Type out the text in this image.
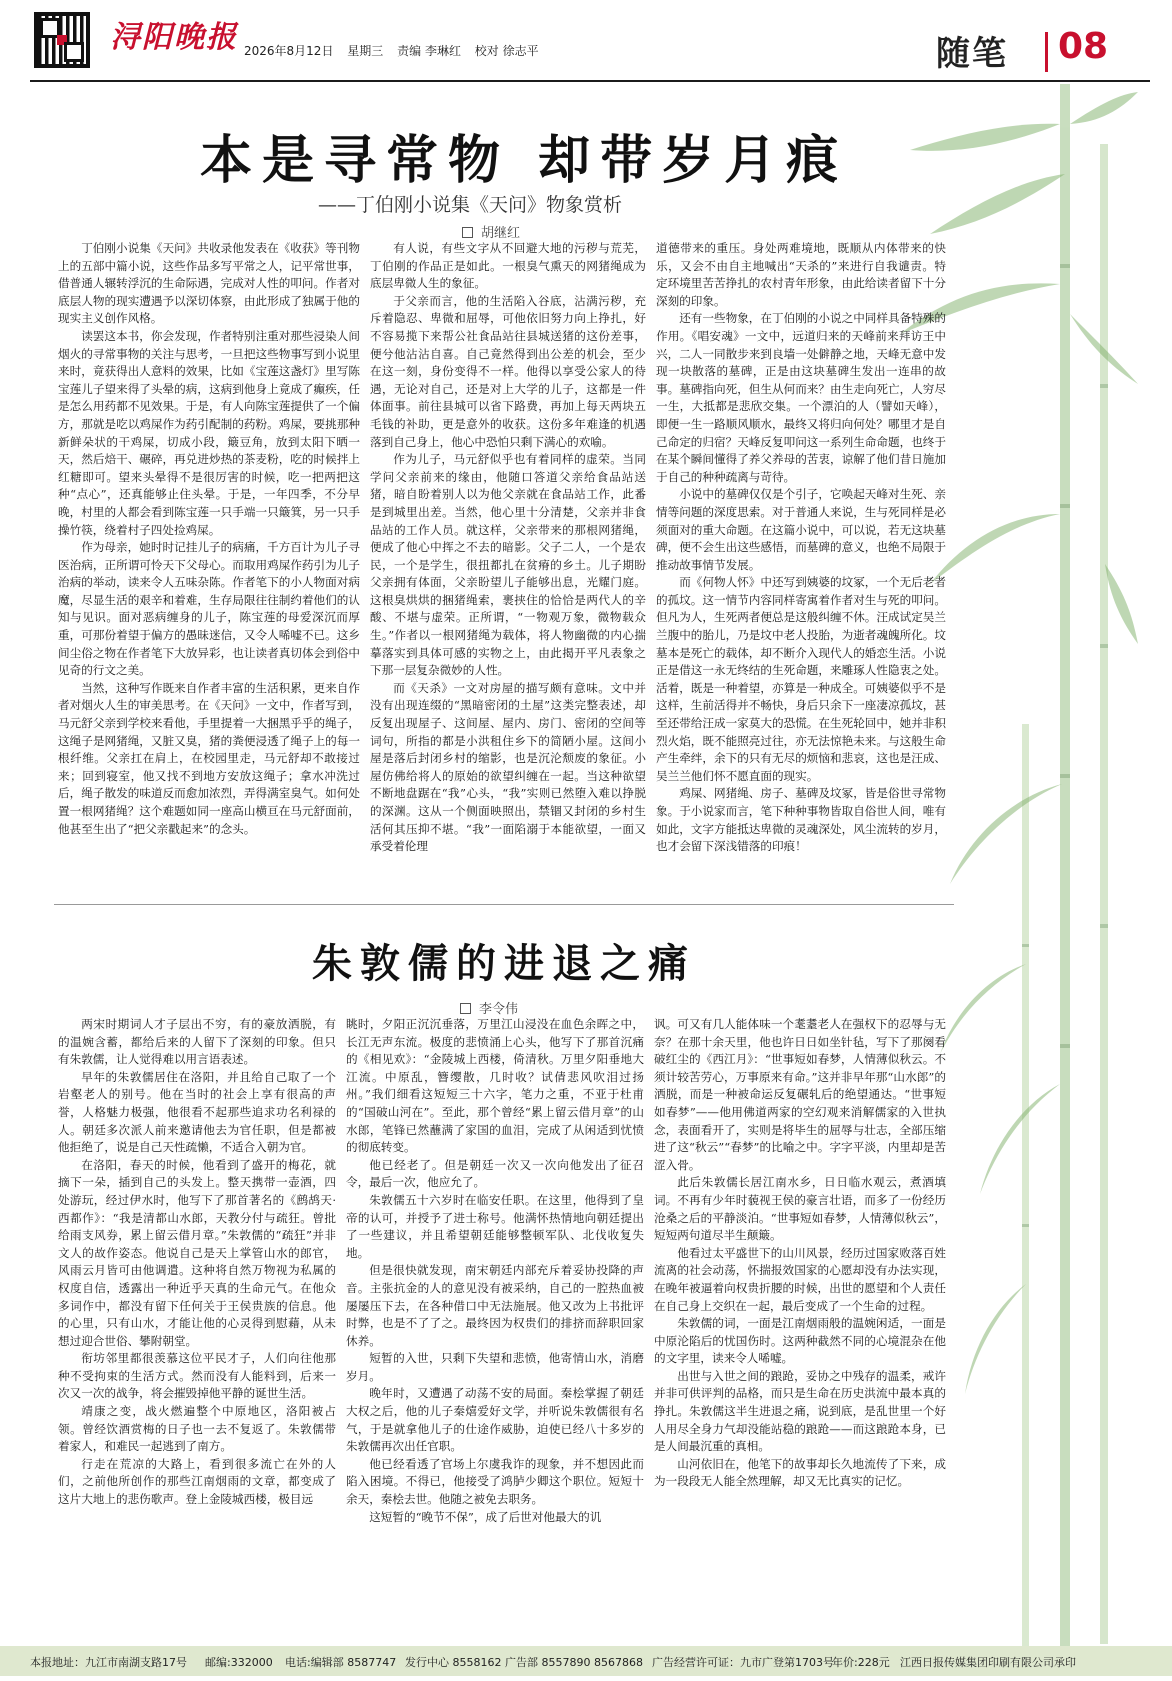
浔阳晚报 2026年8月12日 星期三 责编 李琳红 校对 徐志平	随笔 08
本是寻常物 却带岁月痕
——丁伯刚小说集《天问》物象赏析
胡继红

丁伯刚小说集《天问》共收录他发表在《收获》等刊物上的五部中篇小说，这些作品多写平常之人，记平常世事，借普通人辗转浮沉的生命际遇，完成对人性的叩问。作者对底层人物的现实遭遇予以深切体察，由此形成了独属于他的现实主义创作风格。

读罢这本书，你会发现，作者特别注重对那些浸染人间烟火的寻常事物的关注与思考，一旦把这些物事写到小说里来时，竟获得出人意料的效果，比如《宝莲这盏灯》里写陈宝莲儿子望来得了头晕的病，这病到他身上竟成了癫疾，任是怎么用药都不见效果。于是，有人向陈宝莲提供了一个偏方，那就是吃以鸡屎作为药引配制的药粉。鸡屎，要挑那种新鲜朵状的干鸡屎，切成小段，簸豆角，放到太阳下晒一天，然后焙干、碾碎，再兑进炒热的茶麦粉，吃的时候拌上红糖即可。望来头晕得不是很厉害的时候，吃一把两把这种“点心”，还真能够止住头晕。于是，一年四季，不分早晚，村里的人都会看到陈宝莲一只手端一只簸箕，另一只手操竹筷，绕着村子四处捡鸡屎。

作为母亲，她时时记挂儿子的病痛，千方百计为儿子寻医治病，正所谓可怜天下父母心。而取用鸡屎作药引为儿子治病的举动，读来令人五味杂陈。作者笔下的小人物面对病魔，尽显生活的艰辛和着难，生存局限往往制约着他们的认知与见识。面对恶病缠身的儿子，陈宝莲的母爱深沉而厚重，可那份着望于偏方的愚昧迷信，又令人唏嘘不已。这乡间尘俗之物在作者笔下大放异彩，也让读者真切体会到俗中见奇的行文之美。

当然，这种写作既来自作者丰富的生活积累，更来自作者对烟火人生的审美思考。在《天问》一文中，作者写到，马元舒父亲到学校来看他，手里提着一大捆黑乎乎的绳子，这绳子是网猪绳，又脏又臭，猪的粪便浸透了绳子上的每一根纤维。父亲扛在肩上，在校园里走，马元舒却不敢接过来；回到寝室，他又找不到地方安放这绳子；拿水冲洗过后，绳子散发的味道反而愈加浓烈，弄得满室臭气。如何处置一根网猪绳？这个难题如同一座高山横亘在马元舒面前，他甚至生出了“把父亲戳起来”的念头。

有人说，有些文字从不回避大地的污秽与荒芜，丁伯刚的作品正是如此。一根臭气熏天的网猪绳成为底层卑微人生的象征。

于父亲而言，他的生活陷入谷底，沾满污秽，充斥着隐忍、卑微和屈辱，可他依旧努力向上挣扎，好不容易揽下来帮公社食品站往县城送猪的这份差事，便兮他沾沾自喜。自己竟然得到出公差的机会，至少在这一刻，身份变得不一样。他得以享受公家人的待遇，无论对自己，还是对上大学的儿子，这都是一件体面事。前往县城可以省下路费，再加上每天两块五毛钱的补助，更是意外的收获。这份多年难逢的机遇落到自己身上，他心中恐怕只剩下满心的欢喻。

作为儿子，马元舒似乎也有着同样的虚荣。当同学问父亲前来的缘由，他随口答道父亲给食品站送猪，暗自盼着别人以为他父亲就在食品站工作，此番是到城里出差。当然，他心里十分清楚，父亲并非食品站的工作人员。就这样，父亲带来的那根网猪绳，便成了他心中挥之不去的暗影。父子二人，一个是农民，一个是学生，很扭都扎在贫瘠的乡土。儿子期盼父亲拥有体面，父亲盼望儿子能够出息，光耀门庭。这根臭烘烘的捆猪绳索，裹挟住的恰恰是两代人的辛酸、不堪与虚荣。正所谓，“一物观万象，微物载众生。”作者以一根网猪绳为载体，将人物幽微的内心揣摹落实到具体可感的实物之上，由此揭开平凡表象之下那一层复杂微妙的人性。

而《天杀》一文对房屋的描写颇有意味。文中并没有出现连缀的“黑暗密闭的土屋”这类完整表述，却反复出现屋子、这间屋、屋内、房门、密闭的空间等词句，所指的都是小洪租住乡下的简陋小屋。这间小屋是落后封闭乡村的缩影，也是沉沦颓废的象征。小屋仿佛给将人的原始的欲望纠缠在一起。当这种欲望不断地盘踞在“我”心头，“我”实则已然堕入难以挣脱的深渊。这从一个侧面映照出，禁锢又封闭的乡村生活何其压抑不堪。“我”一面陷溺于本能欲望，一面又承受着伦理

道德带来的重压。身处两难境地，既顺从内体带来的快乐，又会不由自主地喊出“天杀的”来进行自我谴责。特定环境里苦苦挣扎的农村青年形象，由此给读者留下十分深刻的印象。

还有一些物象，在丁伯刚的小说之中同样具备特殊的作用。《唱安魂》一文中，远道归来的天峰前来拜访王中兴，二人一同散步来到良墙一处僻静之地，天峰无意中发现一块散落的墓碑，正是由这块墓碑生发出一连串的故事。墓碑指向死，但生从何而来？由生走向死亡，人穷尽一生，大抵都是悲欣交集。一个漂泊的人（譬如天峰），即便一生一路顺风顺水，最终又将归向何处？哪里才是自己命定的归宿？天峰反复叩问这一系列生命命题，也终于在某个瞬间懂得了养父养母的苦衷，谅解了他们昔日施加于自己的种种疏离与苛待。

小说中的墓碑仅仅是个引子，它唤起天峰对生死、亲情等问题的深度思索。对于普通人来说，生与死同样是必须面对的重大命题。在这篇小说中，可以说，若无这块墓碑，便不会生出这些感悟，而墓碑的意义，也绝不局限于推动故事情节发展。

而《何物人怀》中还写到姨婆的坟冢，一个无后老者的孤坟。这一情节内容同样寄寓着作者对生与死的叩问。但凡为人，生死两者便总是这般纠缠不休。汪成试定吴兰兰腹中的胎儿，乃是坟中老人投胎，为逝者魂魄所化。坟墓本是死亡的载体，却不断介入现代人的婚恋生活。小说正是借这一永无终结的生死命题，来雕琢人性隐衷之处。活着，既是一种着望，亦算是一种成全。可姨婆似乎不是这样，生前活得并不畅快，身后只余下一座凄凉孤坟，甚至还带给汪成一家莫大的恐慌。在生死轮回中，她并非积烈火焰，既不能照亮过往，亦无法惊艳未来。与这般生命产生牵绊，余下的只有无尽的烦恼和悲哀，这也是汪成、吴兰兰他们怀不愿直面的现实。

鸡屎、网猪绳、房子、墓碑及坟冢，皆是俗世寻常物象。于小说家而言，笔下种种事物皆取自俗世人间，唯有如此，文字方能抵达卑微的灵魂深处，风尘流转的岁月，也才会留下深浅错落的印痕！

朱敦儒的进退之痛
李令伟

两宋时期词人才子层出不穷，有的豪放洒脱，有的温婉含蓄，都给后来的人留下了深刻的印象。但只有朱敦儒，让人觉得难以用言语表述。

早年的朱敦儒居住在洛阳，并且给自己取了一个岩壑老人的别号。他在当时的社会上享有很高的声誉，人格魅力极强，他很看不起那些追求功名利禄的人。朝廷多次派人前来邀请他去为官任职，但是都被他拒绝了，说是自己天性疏懒，不适合入朝为官。

在洛阳，春天的时候，他看到了盛开的梅花，就摘下一朵，插到自己的头发上。整天携带一壶酒，四处游玩，经过伊水时，他写下了那首著名的《鹧鸪天·西都作》：“我是清都山水郎，天教分付与疏狂。曾批给雨支风券，累上留云借月章。”朱敦儒的“疏狂”并非文人的故作姿态。他说自己是天上掌管山水的郎官，风雨云月皆可由他调遣。这种将自然万物视为私属的权度自信，透露出一种近乎天真的生命元气。在他众多词作中，都没有留下任何关于王侯贵族的信息。他的心里，只有山水，才能让他的心灵得到慰藉，从未想过迎合世俗、攀附朝堂。

衔坊邻里都很羡慕这位平民才子，人们向往他那种不受拘束的生活方式。然而没有人能料到，后来一次又一次的战争，将会摧毁掉他平静的诞世生活。

靖康之变，战火燃遍整个中原地区，洛阳被占领。曾经饮酒赏梅的日子也一去不复返了。朱敦儒带着家人，和难民一起逃到了南方。

行走在荒凉的大路上，看到很多流亡在外的人们，之前他所创作的那些江南烟雨的文章，都变成了这片大地上的悲伤歌声。登上金陵城西楼，极目远

眺时，夕阳正沉沉垂落，万里江山浸没在血色余晖之中，长江无声东流。极度的悲愤涌上心头，他写下了那首沉痛的《相见欢》：“金陵城上西楼，倚清秋。万里夕阳垂地大江流。中原乱，簪缨散，几时收？试倩悲风吹泪过扬州。”我们细看这短短三十六字，笔力之重，不亚于杜甫的“国破山河在”。至此，那个曾经“累上留云借月章”的山水郎，笔锋已然蘸满了家国的血泪，完成了从闲适到忧愤的彻底转变。

他已经老了。但是朝廷一次又一次向他发出了征召令，最后一次，他应允了。

朱敦儒五十六岁时在临安任职。在这里，他得到了皇帝的认可，并授予了进士称号。他满怀热情地向朝廷提出了一些建议，并且希望朝廷能够整顿军队、北伐收复失地。

但是很快就发现，南宋朝廷内部充斥着妥协投降的声音。主张抗金的人的意见没有被采纳，自己的一腔热血被屡屡压下去，在各种借口中无法施展。他又改为上书批评时弊，也是不了了之。最终因为权贵们的排挤而辞职回家休养。

短暂的入世，只剩下失望和悲愤，他寄情山水，消磨岁月。

晚年时，又遭遇了动荡不安的局面。秦桧掌握了朝廷大权之后，他的儿子秦熺爱好文学，并听说朱敦儒很有名气，于是就拿他儿子的仕途作威胁，迫使已经八十多岁的朱敦儒再次出任官职。

他已经看透了官场上尔虞我诈的现象，并不想因此而陷入困境。不得已，他接受了鸿胪少卿这个职位。短短十余天，秦桧去世。他随之被免去职务。

这短暂的“晚节不保”，成了后世对他最大的讥

讽。可又有几人能体味一个耄耋老人在强权下的忍辱与无奈？在那十余天里，他也许日日如坐针毡，写下了那阕看破红尘的《西江月》：“世事短如春梦，人情薄似秋云。不须计较苦劳心，万事原来有命。”这并非早年那“山水郎”的洒脱，而是一种被命运反复碾轧后的绝望通达。“世事短如春梦”——他用佛道两家的空幻观来消解儒家的入世执念，表面看开了，实则是将毕生的屈辱与壮志，全部压缩进了这“秋云”“春梦”的比喻之中。字字平淡，内里却是苦涩入骨。

此后朱敦儒长居江南水乡，日日临水观云，煮酒填词。不再有少年时藐视王侯的豪言壮语，而多了一份经历沧桑之后的平静淡泊。“世事短如春梦，人情薄似秋云”，短短两句道尽半生颠簸。

他看过太平盛世下的山川风景，经历过国家败落百姓流离的社会动荡，怀揣报效国家的心愿却没有办法实现，在晚年被逼着向权贵折腰的时候，出世的愿望和个人责任在自己身上交织在一起，最后变成了一个生命的过程。

朱敦儒的词，一面是江南烟雨般的温婉闲适，一面是中原沦陷后的忧国伤时。这两种截然不同的心境混杂在他的文字里，读来令人唏嘘。

出世与入世之间的踉跄，妥协之中残存的温柔，戒许并非可供评判的品格，而只是生命在历史洪流中最本真的挣扎。朱敦儒这半生进退之痛，说到底，是乱世里一个好人用尽全身力气却没能站稳的踉跄——而这踉跄本身，已是人间最沉重的真相。

山河依旧在，他笔下的故事却长久地流传了下来，成为一段段无人能全然理解，却又无比真实的记忆。

本报地址：九江市南湖支路17号 邮编:332000 电话:编辑部 8587747 发行中心 8558162 广告部 8557890 8567868 广告经营许可证：九市广登第1703号
年价:228元 江西日报传媒集团印刷有限公司承印
